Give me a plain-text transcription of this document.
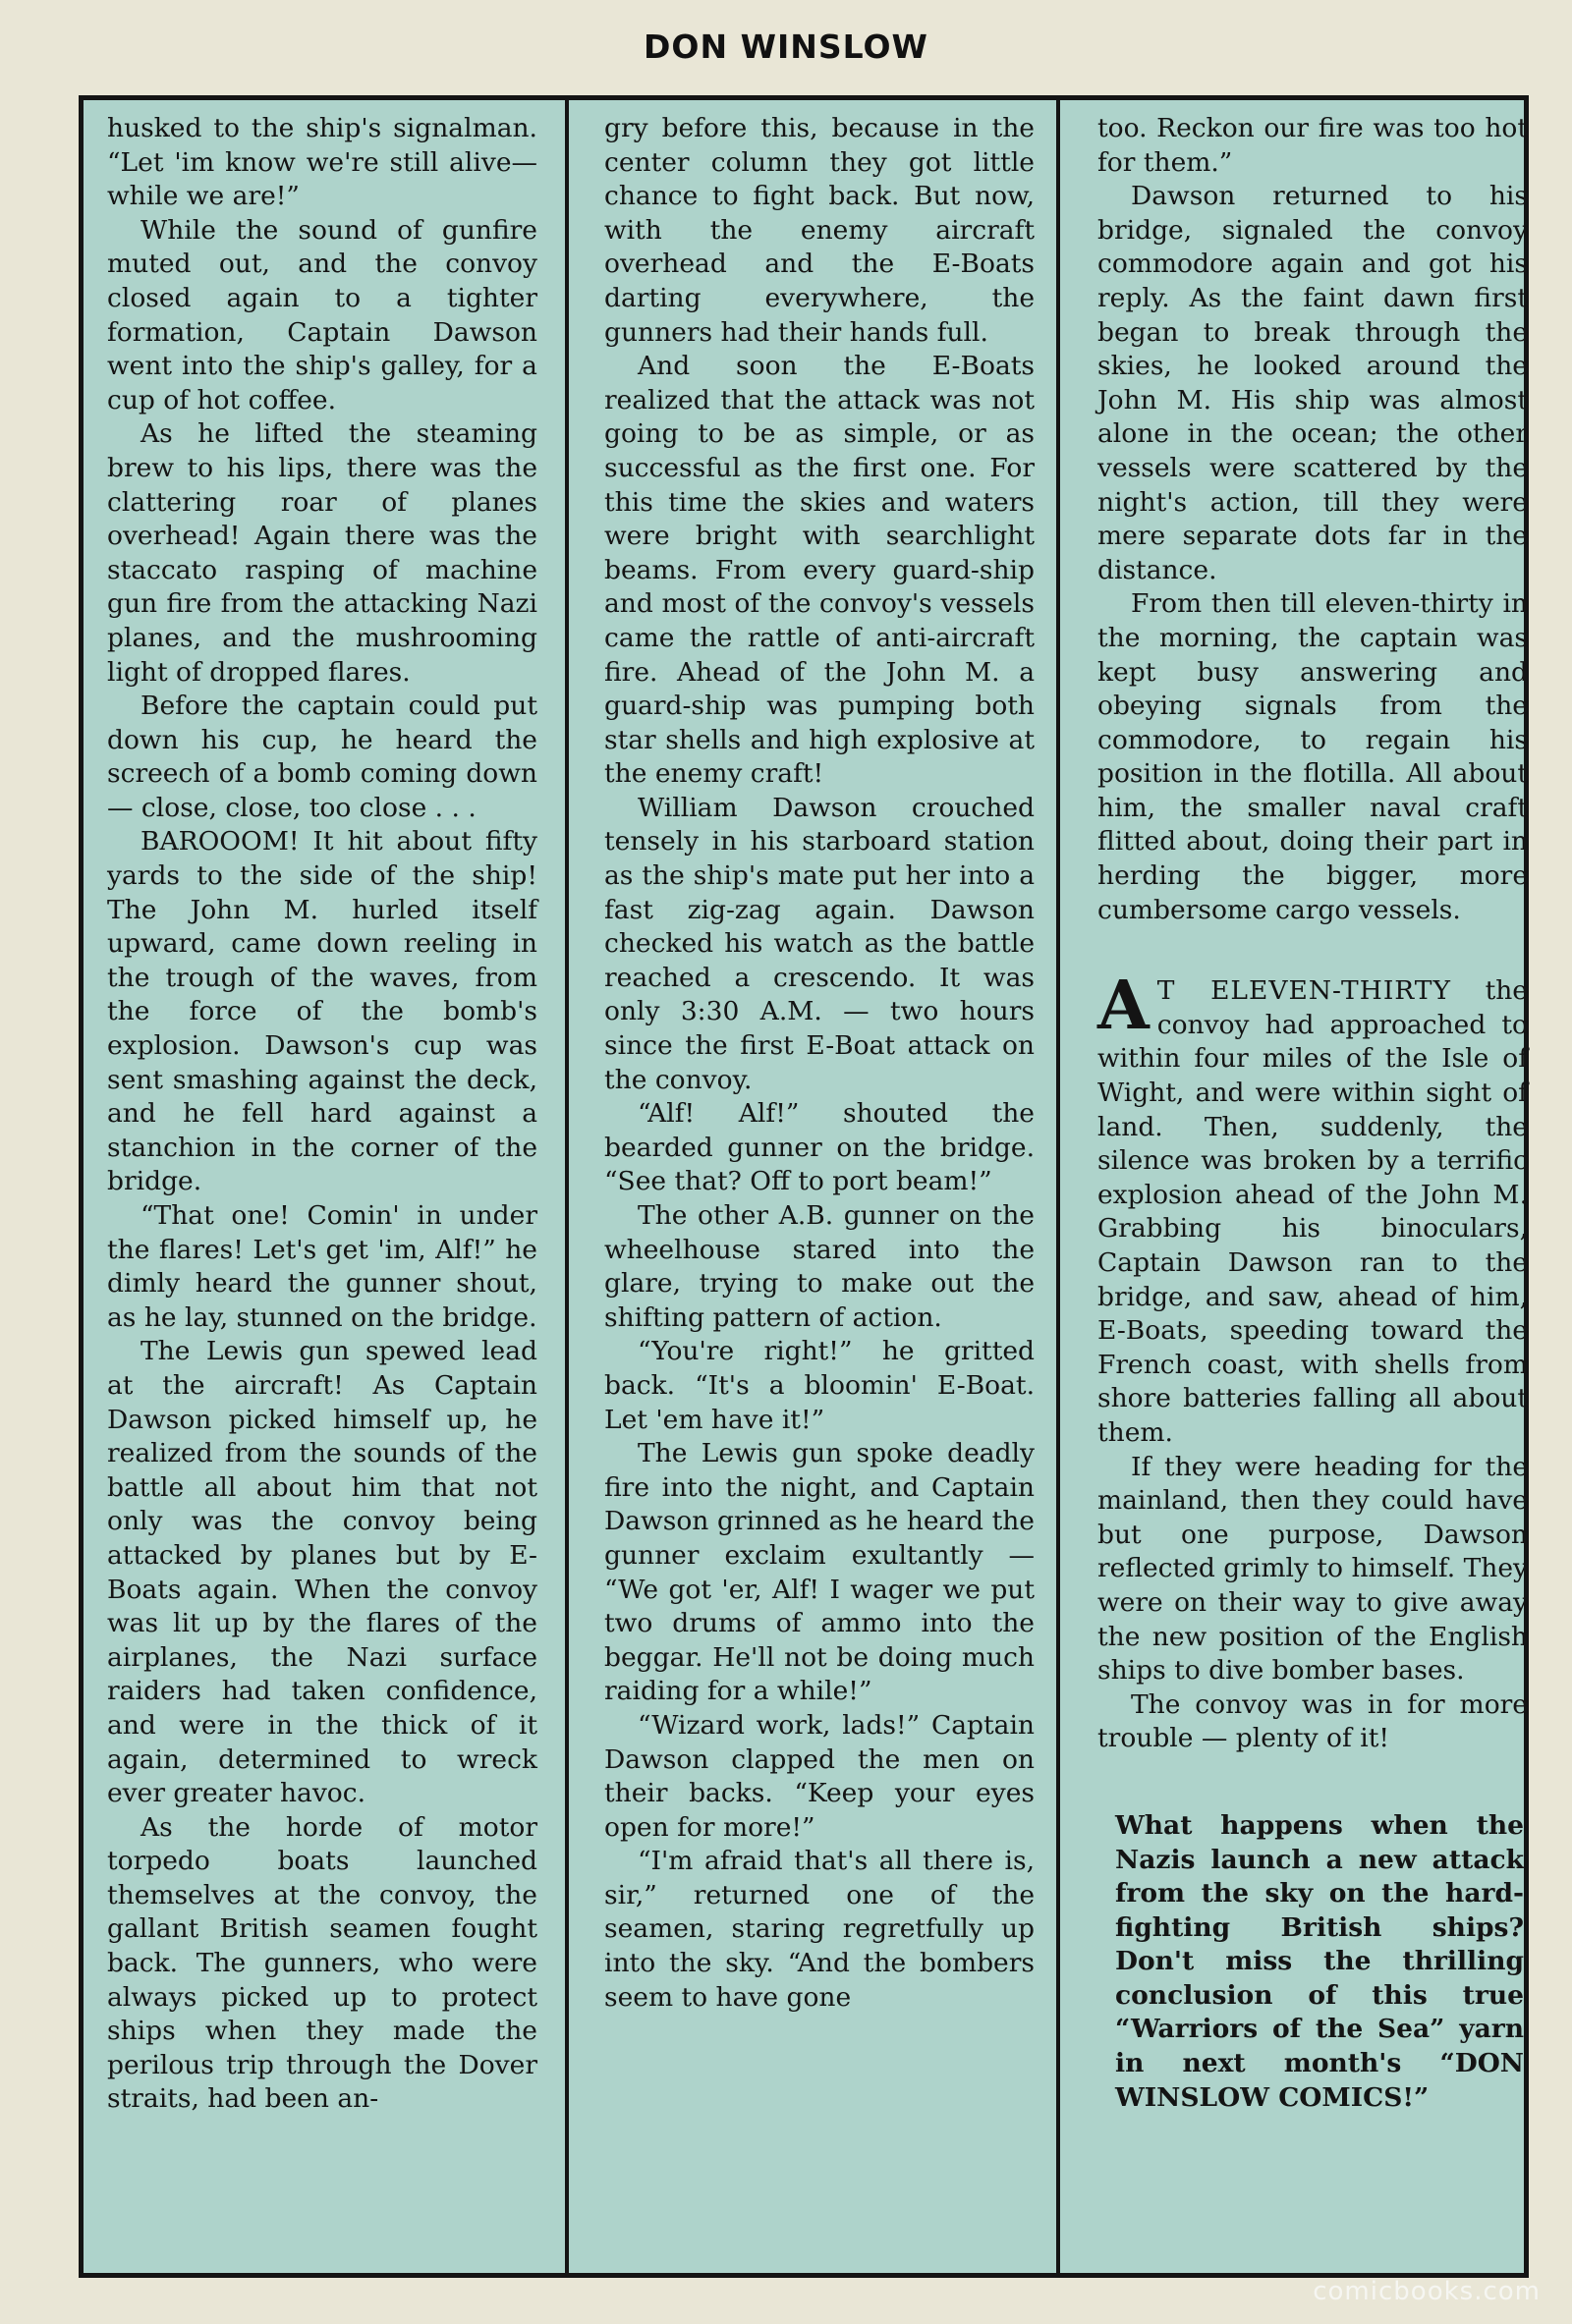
DON WINSLOW

husked to the ship's signalman. “Let 'im know we're still alive—while we are!”

While the sound of gunfire muted out, and the convoy closed again to a tighter formation, Captain Dawson went into the ship's galley, for a cup of hot coffee.

As he lifted the steaming brew to his lips, there was the clattering roar of planes overhead! Again there was the staccato rasping of machine gun fire from the attacking Nazi planes, and the mushrooming light of dropped flares.

Before the captain could put down his cup, he heard the screech of a bomb coming down — close, close, too close . . .

BAROOOM! It hit about fifty yards to the side of the ship! The John M. hurled itself upward, came down reeling in the trough of the waves, from the force of the bomb's explosion. Dawson's cup was sent smashing against the deck, and he fell hard against a stanchion in the corner of the bridge.

“That one! Comin' in under the flares! Let's get 'im, Alf!” he dimly heard the gunner shout, as he lay, stunned on the bridge.

The Lewis gun spewed lead at the aircraft! As Captain Dawson picked himself up, he realized from the sounds of the battle all about him that not only was the convoy being attacked by planes but by E-Boats again. When the convoy was lit up by the flares of the airplanes, the Nazi surface raiders had taken confidence, and were in the thick of it again, determined to wreck ever greater havoc.

As the horde of motor torpedo boats launched themselves at the convoy, the gallant British seamen fought back. The gunners, who were always picked up to protect ships when they made the perilous trip through the Dover straits, had been an-

gry before this, because in the center column they got little chance to fight back. But now, with the enemy aircraft overhead and the E-Boats darting everywhere, the gunners had their hands full.

And soon the E-Boats realized that the attack was not going to be as simple, or as successful as the first one. For this time the skies and waters were bright with searchlight beams. From every guard-ship and most of the convoy's vessels came the rattle of anti-aircraft fire. Ahead of the John M. a guard-ship was pumping both star shells and high explosive at the enemy craft!

William Dawson crouched tensely in his starboard station as the ship's mate put her into a fast zig-zag again. Dawson checked his watch as the battle reached a crescendo. It was only 3:30 A.M. — two hours since the first E-Boat attack on the convoy.

“Alf! Alf!” shouted the bearded gunner on the bridge. “See that? Off to port beam!”

The other A.B. gunner on the wheelhouse stared into the glare, trying to make out the shifting pattern of action.

“You're right!” he gritted back. “It's a bloomin' E-Boat. Let 'em have it!”

The Lewis gun spoke deadly fire into the night, and Captain Dawson grinned as he heard the gunner exclaim exultantly — “We got 'er, Alf! I wager we put two drums of ammo into the beggar. He'll not be doing much raiding for a while!”

“Wizard work, lads!” Captain Dawson clapped the men on their backs. “Keep your eyes open for more!”

“I'm afraid that's all there is, sir,” returned one of the seamen, staring regretfully up into the sky. “And the bombers seem to have gone

too. Reckon our fire was too hot for them.”

Dawson returned to his bridge, signaled the convoy commodore again and got his reply. As the faint dawn first began to break through the skies, he looked around the John M. His ship was almost alone in the ocean; the other vessels were scattered by the night's action, till they were mere separate dots far in the distance.

From then till eleven-thirty in the morning, the captain was kept busy answering and obeying signals from the commodore, to regain his position in the flotilla. All about him, the smaller naval craft flitted about, doing their part in herding the bigger, more cumbersome cargo vessels.

A T ELEVEN-THIRTY the convoy had approached to within four miles of the Isle of Wight, and were within sight of land. Then, suddenly, the silence was broken by a terrific explosion ahead of the John M. Grabbing his binoculars, Captain Dawson ran to the bridge, and saw, ahead of him, E-Boats, speeding toward the French coast, with shells from shore batteries falling all about them.

If they were heading for the mainland, then they could have but one purpose, Dawson reflected grimly to himself. They were on their way to give away the new position of the English ships to dive bomber bases.

The convoy was in for more trouble — plenty of it!

What happens when the Nazis launch a new attack from the sky on the hard-fighting British ships? Don't miss the thrilling conclusion of this true “Warriors of the Sea” yarn in next month's “DON WINSLOW COMICS!”

comicbooks.com
